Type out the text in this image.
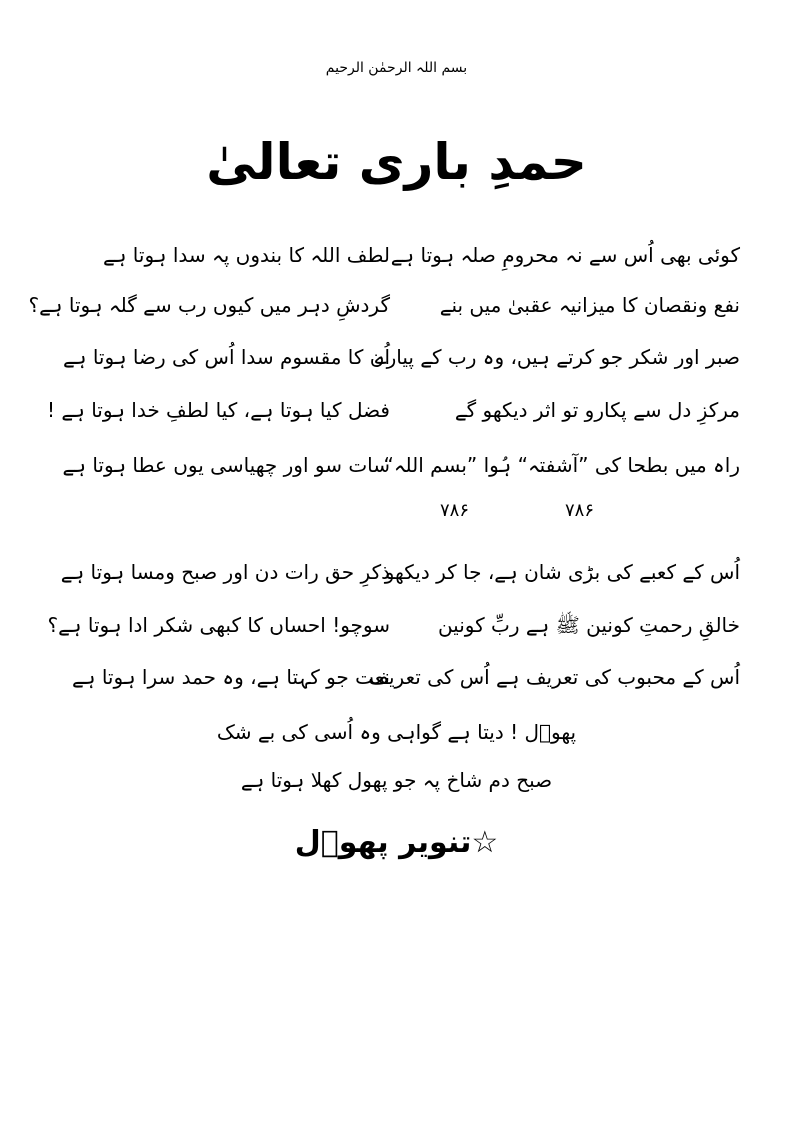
بسم اللہ الرحمٰن الرحیم
حمدِ باری تعالیٰ
کوئی بھی اُس سے نہ محرومِ صلہ ہوتا ہے
لطف اللہ کا بندوں پہ سدا ہوتا ہے
نفع ونقصان کا میزانیہ عقبیٰ میں بنے
گردشِ دہر میں کیوں رب سے گلہ ہوتا ہے؟
صبر اور شکر جو کرتے ہیں، وہ رب کے پیارے
اُن کا مقسوم سدا اُس کی رضا ہوتا ہے
مرکزِ دل سے پکارو تو اثر دیکھو گے
فضل کیا ہوتا ہے، کیا لطفِ خدا ہوتا ہے !
راہ میں بطحا کی ”آشفتہ“ ہُوا ”بسم اللہ“
سات سو اور چھیاسی یوں عطا ہوتا ہے
۷۸۶
۷۸۶
اُس کے کعبے کی بڑی شان ہے، جا کر دیکھو
ذکرِ حق رات دن اور صبح ومسا ہوتا ہے
خالقِ رحمتِ کونین ﷺ ہے ربِّ کونین
سوچو! احساں کا کبھی شکر ادا ہوتا ہے؟
اُس کے محبوب کی تعریف ہے اُس کی تعریف
نعت جو کہتا ہے، وہ حمد سرا ہوتا ہے
پھوؔل ! دیتا ہے گواہی وہ اُسی کی بے شک
صبح دم شاخ پہ جو پھول کھلا ہوتا ہے
☆تنویر پھوؔل
